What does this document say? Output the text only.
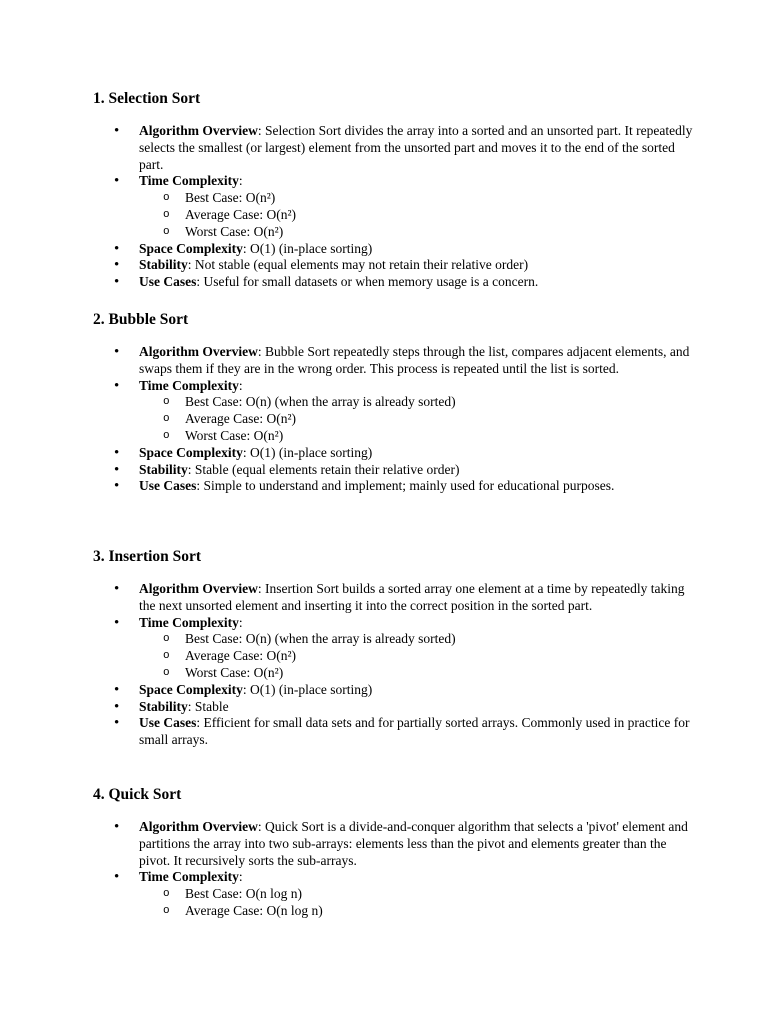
1. Selection Sort
• Algorithm Overview: Selection Sort divides the array into a sorted and an unsorted part. It repeatedly selects the smallest (or largest) element from the unsorted part and moves it to the end of the sorted part.
• Time Complexity:
o Best Case: O(n²)
o Average Case: O(n²)
o Worst Case: O(n²)
• Space Complexity: O(1) (in-place sorting)
• Stability: Not stable (equal elements may not retain their relative order)
• Use Cases: Useful for small datasets or when memory usage is a concern.
2. Bubble Sort
• Algorithm Overview: Bubble Sort repeatedly steps through the list, compares adjacent elements, and swaps them if they are in the wrong order. This process is repeated until the list is sorted.
• Time Complexity:
o Best Case: O(n) (when the array is already sorted)
o Average Case: O(n²)
o Worst Case: O(n²)
• Space Complexity: O(1) (in-place sorting)
• Stability: Stable (equal elements retain their relative order)
• Use Cases: Simple to understand and implement; mainly used for educational purposes.
3. Insertion Sort
• Algorithm Overview: Insertion Sort builds a sorted array one element at a time by repeatedly taking the next unsorted element and inserting it into the correct position in the sorted part.
• Time Complexity:
o Best Case: O(n) (when the array is already sorted)
o Average Case: O(n²)
o Worst Case: O(n²)
• Space Complexity: O(1) (in-place sorting)
• Stability: Stable
• Use Cases: Efficient for small data sets and for partially sorted arrays. Commonly used in practice for small arrays.
4. Quick Sort
• Algorithm Overview: Quick Sort is a divide-and-conquer algorithm that selects a 'pivot' element and partitions the array into two sub-arrays: elements less than the pivot and elements greater than the pivot. It recursively sorts the sub-arrays.
• Time Complexity:
o Best Case: O(n log n)
o Average Case: O(n log n)
